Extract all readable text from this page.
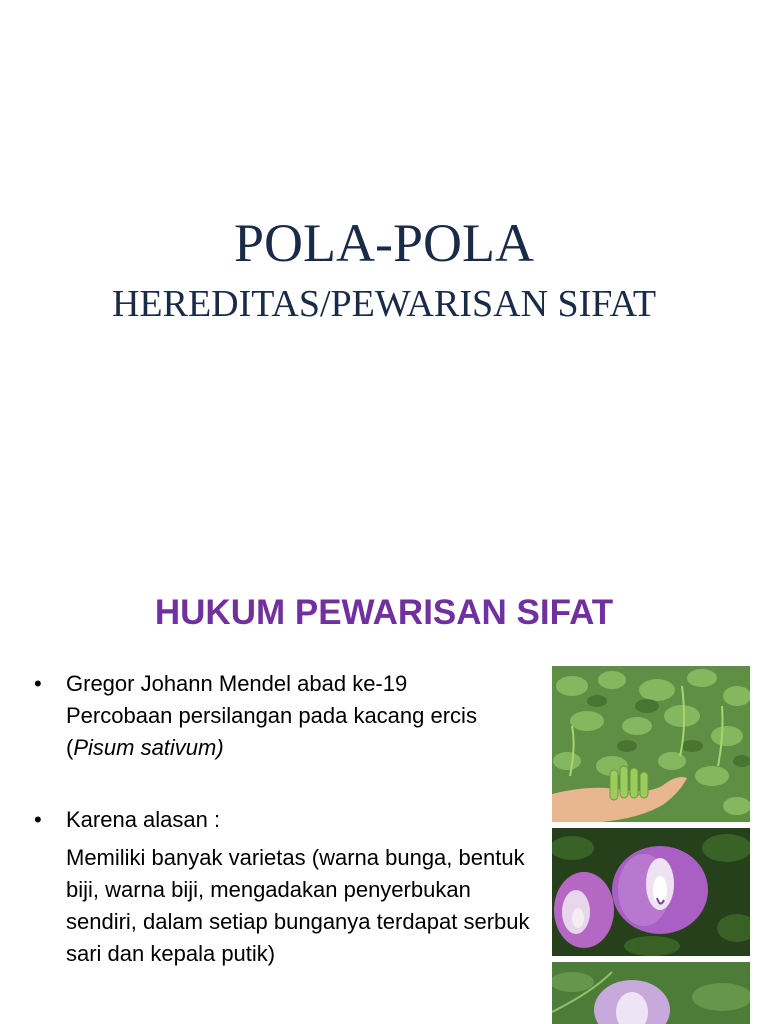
POLA-POLA
HEREDITAS/PEWARISAN SIFAT
HUKUM PEWARISAN SIFAT
• Gregor Johann Mendel abad ke-19
Percobaan persilangan pada kacang ercis
(Pisum sativum)
• Karena alasan :
Memiliki banyak varietas (warna bunga, bentuk biji, warna biji, mengadakan penyerbukan sendiri, dalam setiap bunganya terdapat serbuk sari dan kepala putik)
